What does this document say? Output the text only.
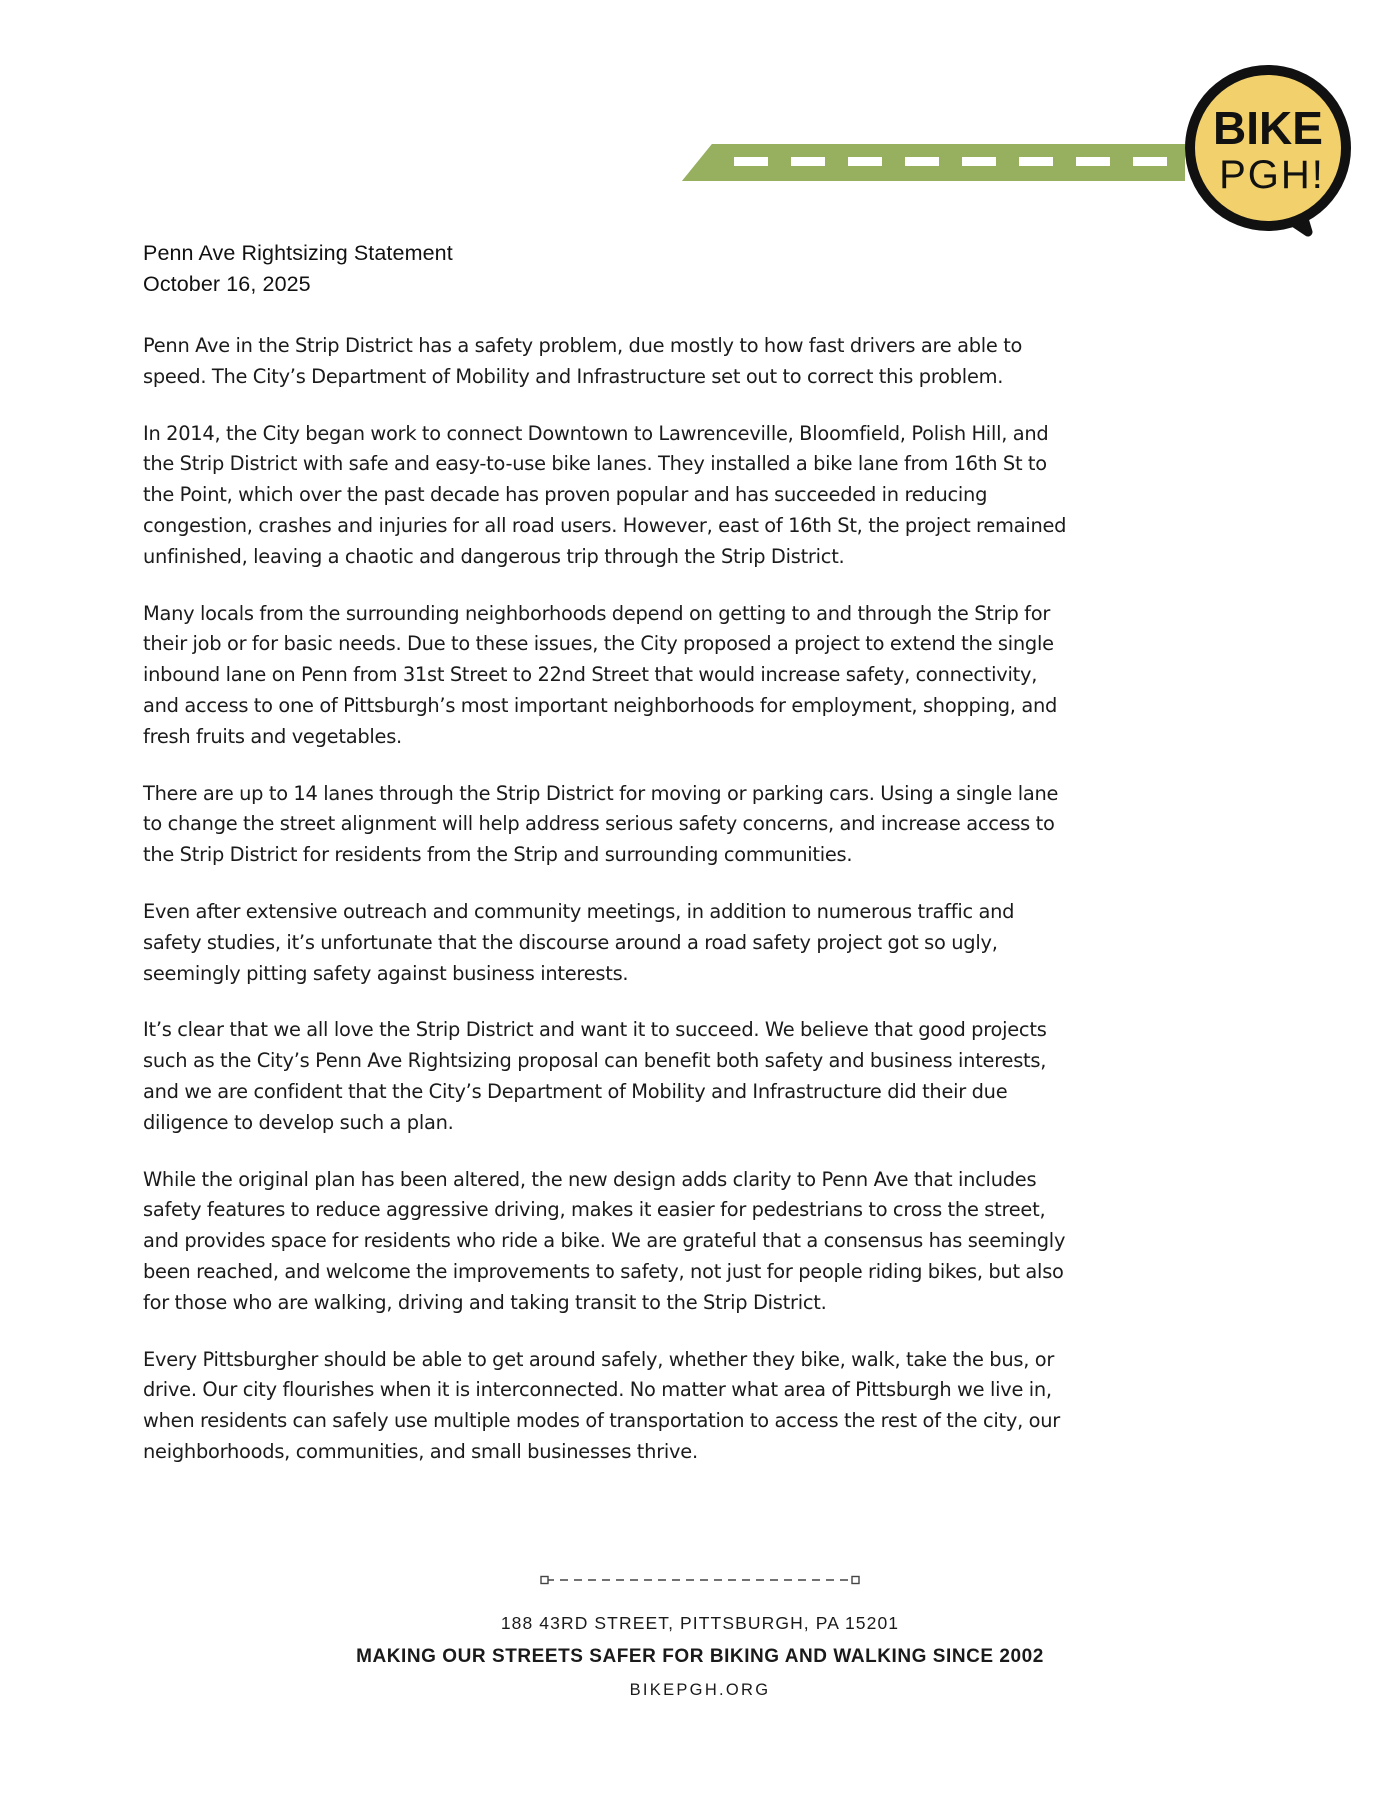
BIKE
PGH!
Penn Ave Rightsizing Statement
October 16, 2025

Penn Ave in the Strip District has a safety problem, due mostly to how fast drivers are able to speed. The City’s Department of Mobility and Infrastructure set out to correct this problem.

In 2014, the City began work to connect Downtown to Lawrenceville, Bloomfield, Polish Hill, and the Strip District with safe and easy-to-use bike lanes. They installed a bike lane from 16th St to the Point, which over the past decade has proven popular and has succeeded in reducing congestion, crashes and injuries for all road users. However, east of 16th St, the project remained unfinished, leaving a chaotic and dangerous trip through the Strip District.

Many locals from the surrounding neighborhoods depend on getting to and through the Strip for their job or for basic needs. Due to these issues, the City proposed a project to extend the single inbound lane on Penn from 31st Street to 22nd Street that would increase safety, connectivity, and access to one of Pittsburgh’s most important neighborhoods for employment, shopping, and fresh fruits and vegetables.

There are up to 14 lanes through the Strip District for moving or parking cars. Using a single lane to change the street alignment will help address serious safety concerns, and increase access to the Strip District for residents from the Strip and surrounding communities.

Even after extensive outreach and community meetings, in addition to numerous traffic and safety studies, it’s unfortunate that the discourse around a road safety project got so ugly, seemingly pitting safety against business interests.

It’s clear that we all love the Strip District and want it to succeed. We believe that good projects such as the City’s Penn Ave Rightsizing proposal can benefit both safety and business interests, and we are confident that the City’s Department of Mobility and Infrastructure did their due diligence to develop such a plan.

While the original plan has been altered, the new design adds clarity to Penn Ave that includes safety features to reduce aggressive driving, makes it easier for pedestrians to cross the street, and provides space for residents who ride a bike. We are grateful that a consensus has seemingly been reached, and welcome the improvements to safety, not just for people riding bikes, but also for those who are walking, driving and taking transit to the Strip District.

Every Pittsburgher should be able to get around safely, whether they bike, walk, take the bus, or drive. Our city flourishes when it is interconnected. No matter what area of Pittsburgh we live in, when residents can safely use multiple modes of transportation to access the rest of the city, our neighborhoods, communities, and small businesses thrive.

188 43RD STREET, PITTSBURGH, PA 15201
MAKING OUR STREETS SAFER FOR BIKING AND WALKING SINCE 2002
BIKEPGH.ORG
